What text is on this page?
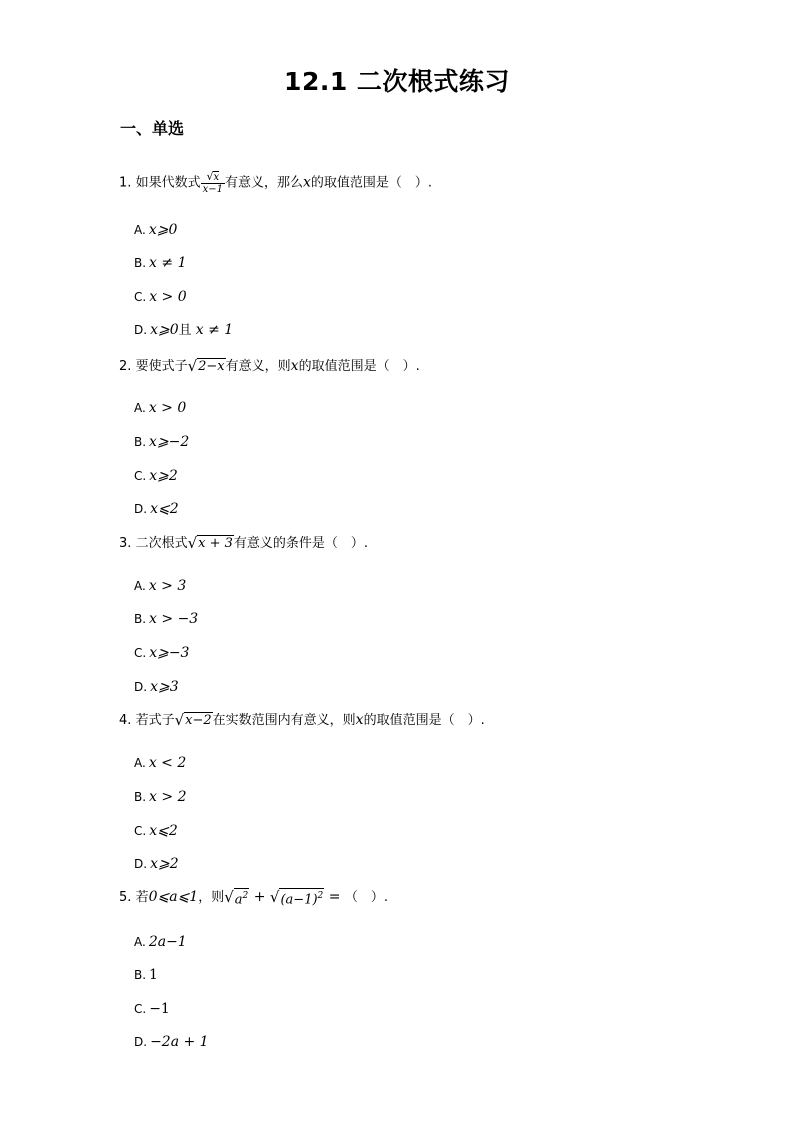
12.1 二次根式练习
一、单选
1. 如果代数式 $\frac{√x}{x-1}$ 有意义，那么x的取值范围是（　）.
A. x⩾0
B. x ≠ 1
C. x > 0
D. x⩾0且 x ≠ 1
2. 要使式子√2−x有意义，则x的取值范围是（　）.
A. x > 0
B. x⩾−2
C. x⩾2
D. x⩽2
3. 二次根式√x + 3有意义的条件是（　）.
A. x > 3
B. x > −3
C. x⩾−3
D. x⩾3
4. 若式子√x−2在实数范围内有意义，则x的取值范围是（　）.
A. x < 2
B. x > 2
C. x⩽2
D. x⩾2
5. 若0⩽a⩽1，则$√a^2 + √(a-1)^2$ = （　）.
A. 2a−1
B. 1
C. −1
D. −2a + 1
